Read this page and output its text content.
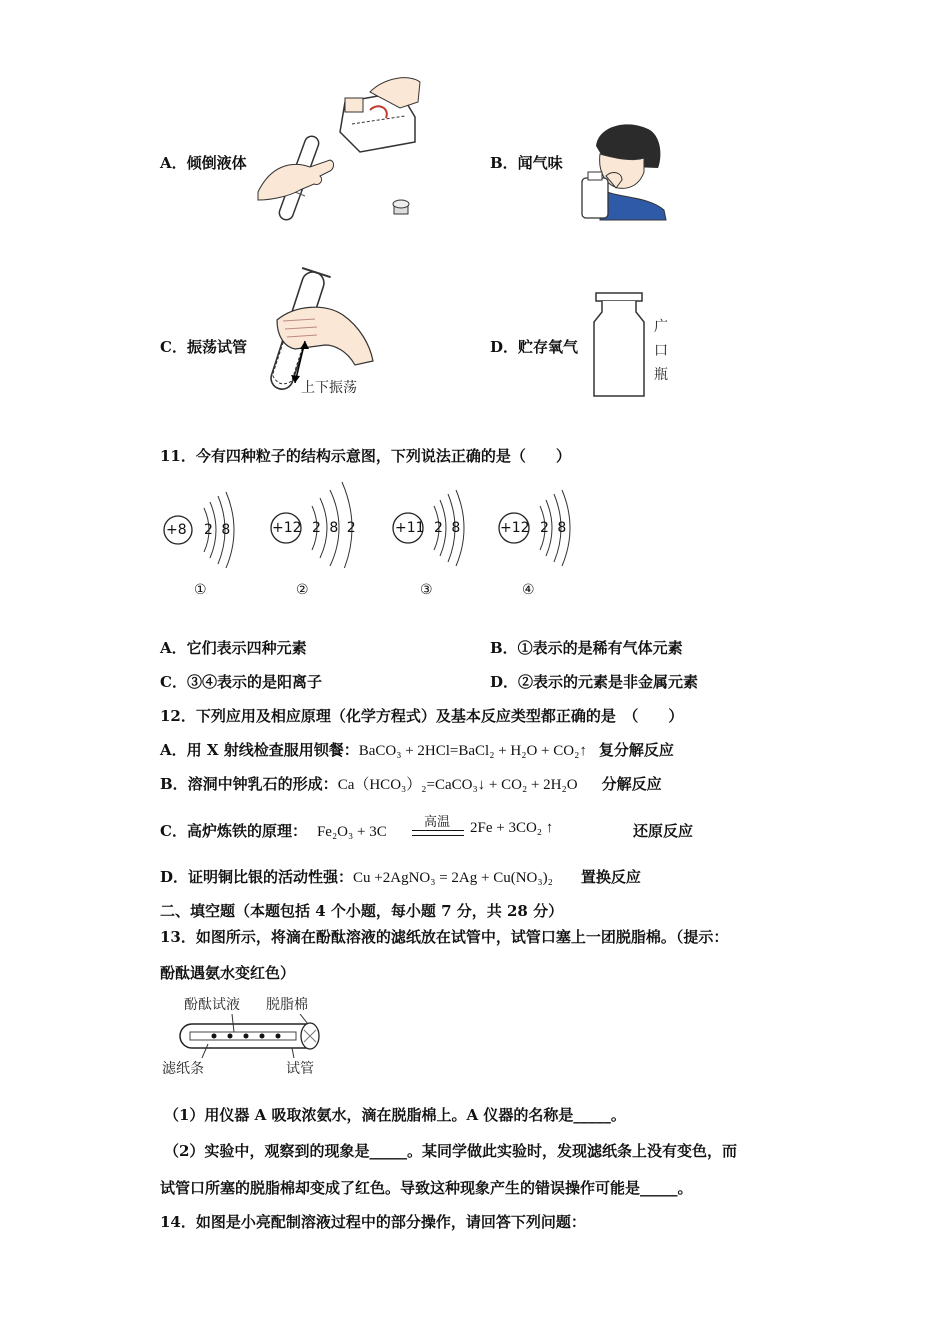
A．倾倒液体	B．闻气味
C．振荡试管
上下振荡
D．贮存氧气
广
口
瓶
11．今有四种粒子的结构示意图，下列说法正确的是（　　）
+8 2 8
①
+12 2 8 2
②
+11 2 8
③
+12 2 8
④
A．它们表示四种元素	B．①表示的是稀有气体元素
C．③④表示的是阳离子	D．②表示的元素是非金属元素
12．下列应用及相应原理（化学方程式）及基本反应类型都正确的是　（　　）
A．用 X 射线检查服用钡餐：BaCO₃ + 2HCl=BaCl₂ + H₂O + CO₂↑ 复分解反应
B．溶洞中钟乳石的形成：Ca（HCO₃）₂=CaCO₃↓ + CO₂ + 2H₂O 分解反应
C．高炉炼铁的原理： Fe₂O₃ + 3C
高温 2Fe + 3CO₂ ↑	还原反应
D．证明铜比银的活动性强：Cu +2AgNO₃ = 2Ag + Cu(NO₃)₂ 置换反应
二、填空题（本题包括 4 个小题，每小题 7 分，共 28 分）
13．如图所示，将滴在酚酞溶液的滤纸放在试管中，试管口塞上一团脱脂棉。（提示：
酚酞遇氨水变红色）
酚酞试液 脱脂棉
滤纸条	试管
（1）用仪器 A 吸取浓氨水，滴在脱脂棉上。A 仪器的名称是_____。
（2）实验中，观察到的现象是_____。某同学做此实验时，发现滤纸条上没有变色，而
试管口所塞的脱脂棉却变成了红色。导致这种现象产生的错误操作可能是_____。
14．如图是小亮配制溶液过程中的部分操作，请回答下列问题：
